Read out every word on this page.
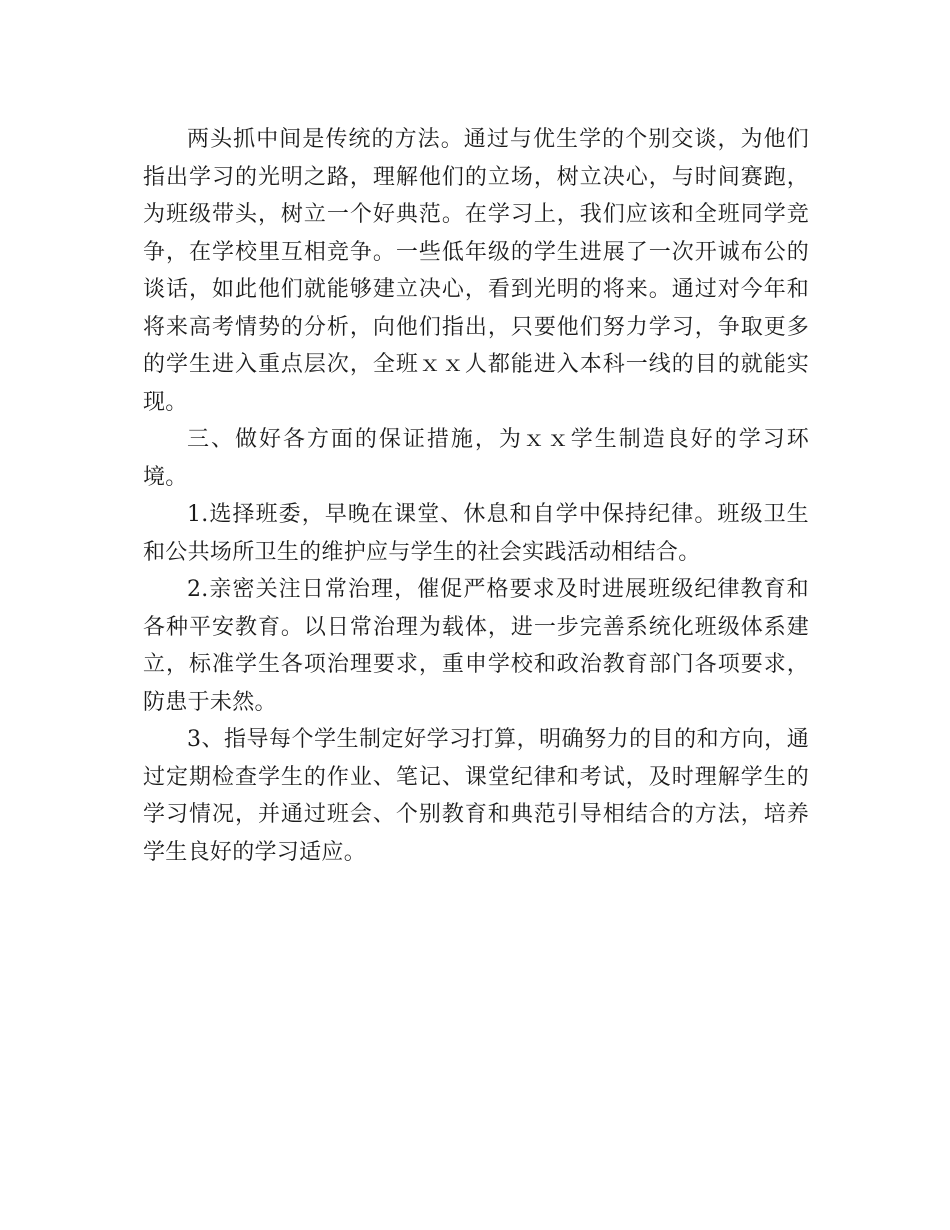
两头抓中间是传统的方法。通过与优生学的个别交谈，为他们指出学习的光明之路，理解他们的立场，树立决心，与时间赛跑，为班级带头，树立一个好典范。在学习上，我们应该和全班同学竞争，在学校里互相竞争。一些低年级的学生进展了一次开诚布公的谈话，如此他们就能够建立决心，看到光明的将来。通过对今年和将来高考情势的分析，向他们指出，只要他们努力学习，争取更多的学生进入重点层次，全班ｘｘ人都能进入本科一线的目的就能实现。

三、做好各方面的保证措施，为ｘｘ学生制造良好的学习环境。

1.选择班委，早晚在课堂、休息和自学中保持纪律。班级卫生和公共场所卫生的维护应与学生的社会实践活动相结合。

2.亲密关注日常治理，催促严格要求及时进展班级纪律教育和各种平安教育。以日常治理为载体，进一步完善系统化班级体系建立，标准学生各项治理要求，重申学校和政治教育部门各项要求，防患于未然。

3、指导每个学生制定好学习打算，明确努力的目的和方向，通过定期检查学生的作业、笔记、课堂纪律和考试，及时理解学生的学习情况，并通过班会、个别教育和典范引导相结合的方法，培养学生良好的学习适应。
